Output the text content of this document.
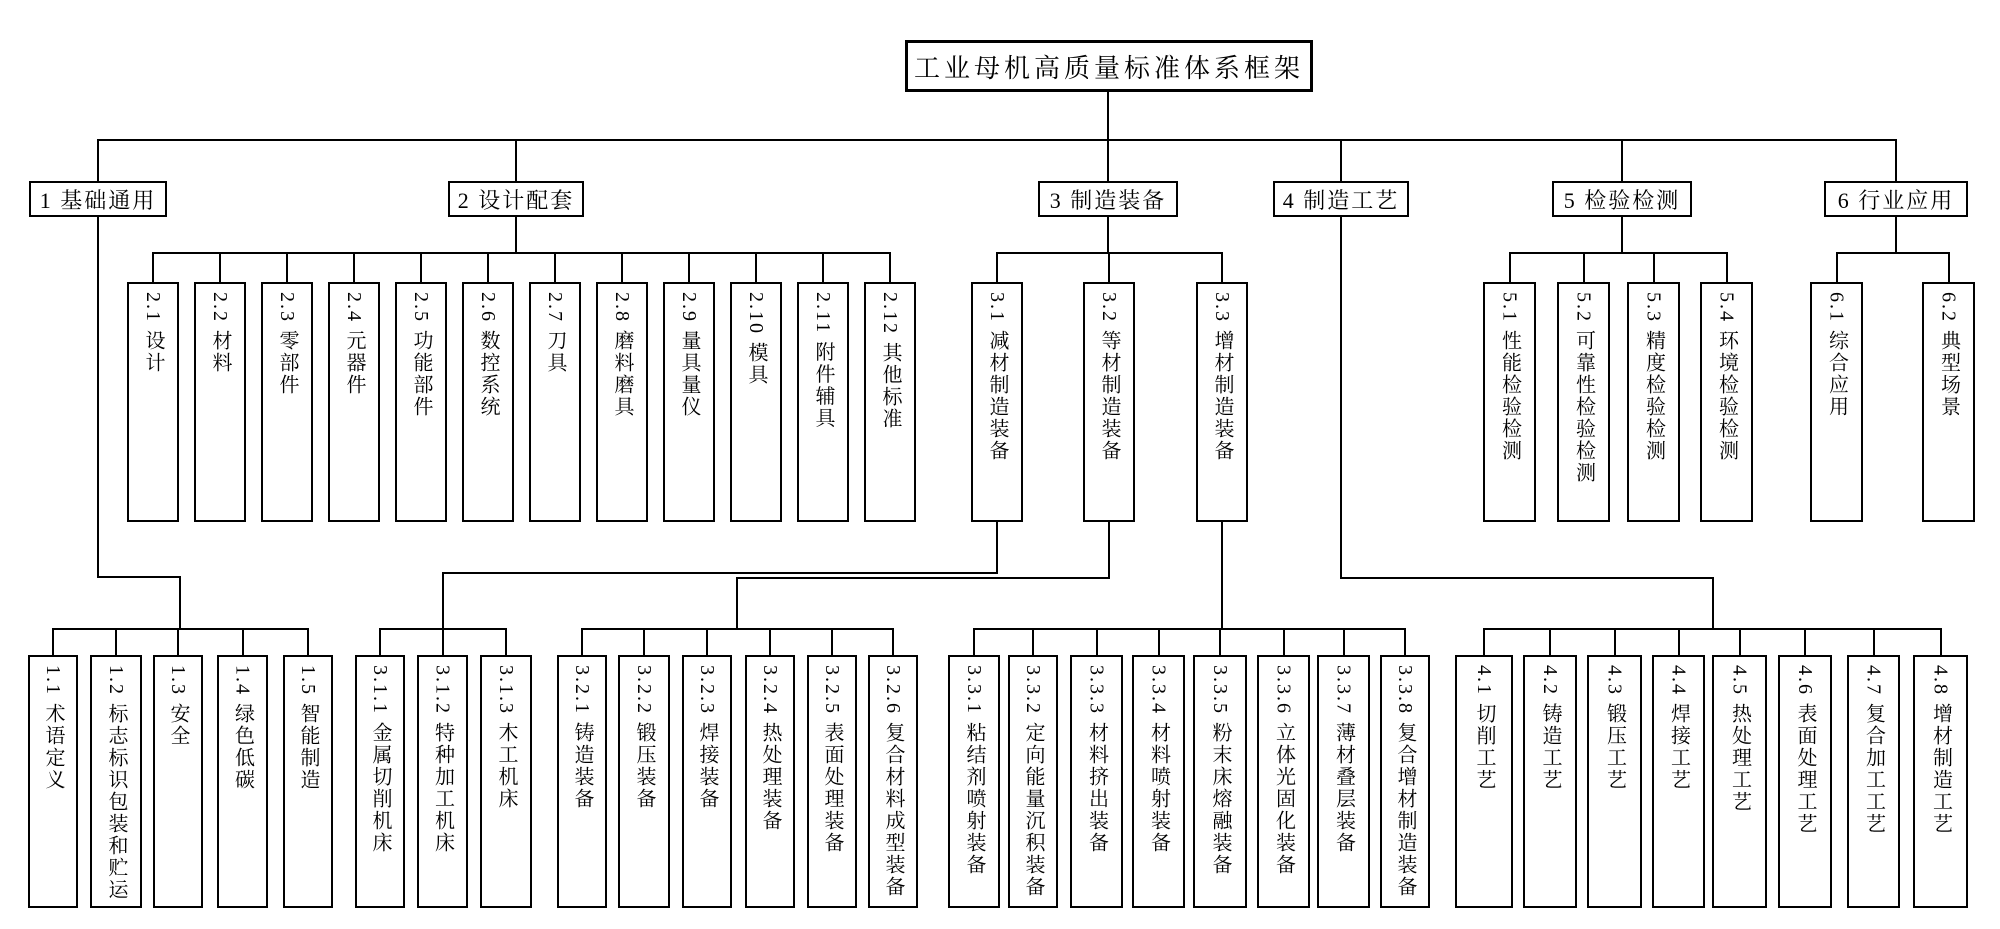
工业母机高质量标准体系框架
1 基础通用	2 设计配套	3 制造装备	4 制造工艺	5 检验检测	6 行业应用
2.1 设计 2.2 材料 2.3 零部件 2.4 元器件 2.5 功能部件 2.6 数控系统 2.7 刀具 2.8 磨料磨具 2.9 量具量仪 2.10 模具 2.11 附件辅具 2.12 其他标准	3.1 减材制造装备	3.2 等材制造装备	3.3 增材制造装备	5.1 性能检验检测	5.2 可靠性检验检测 5.3 精度检验检测	5.4 环境检验检测	6.1 综合应用	6.2 典型场景
1.1 术语定义 1.2 标志标识包装和贮运 1.3 安全 1.4 绿色低碳 1.5 智能制造	3.1.1 金属切削机床 3.1.2 特种加工机床 3.1.3 木工机床	3.2.1 铸造装备 3.2.2 锻压装备 3.2.3 焊接装备 3.2.4 热处理装备 3.2.5 表面处理装备 3.2.6 复合材料成型装备	3.3.1 粘结剂喷射装备 3.3.2 定向能量沉积装备 3.3.3 材料挤出装备 3.3.4 材料喷射装备 3.3.5 粉末床熔融装备 3.3.6 立体光固化装备 3.3.7 薄材叠层装备 3.3.8 复合增材制造装备	4.1 切削工艺 4.2 铸造工艺 4.3 锻压工艺 4.4 焊接工艺 4.5 热处理工艺 4.6 表面处理工艺 4.7 复合加工工艺 4.8 增材制造工艺
